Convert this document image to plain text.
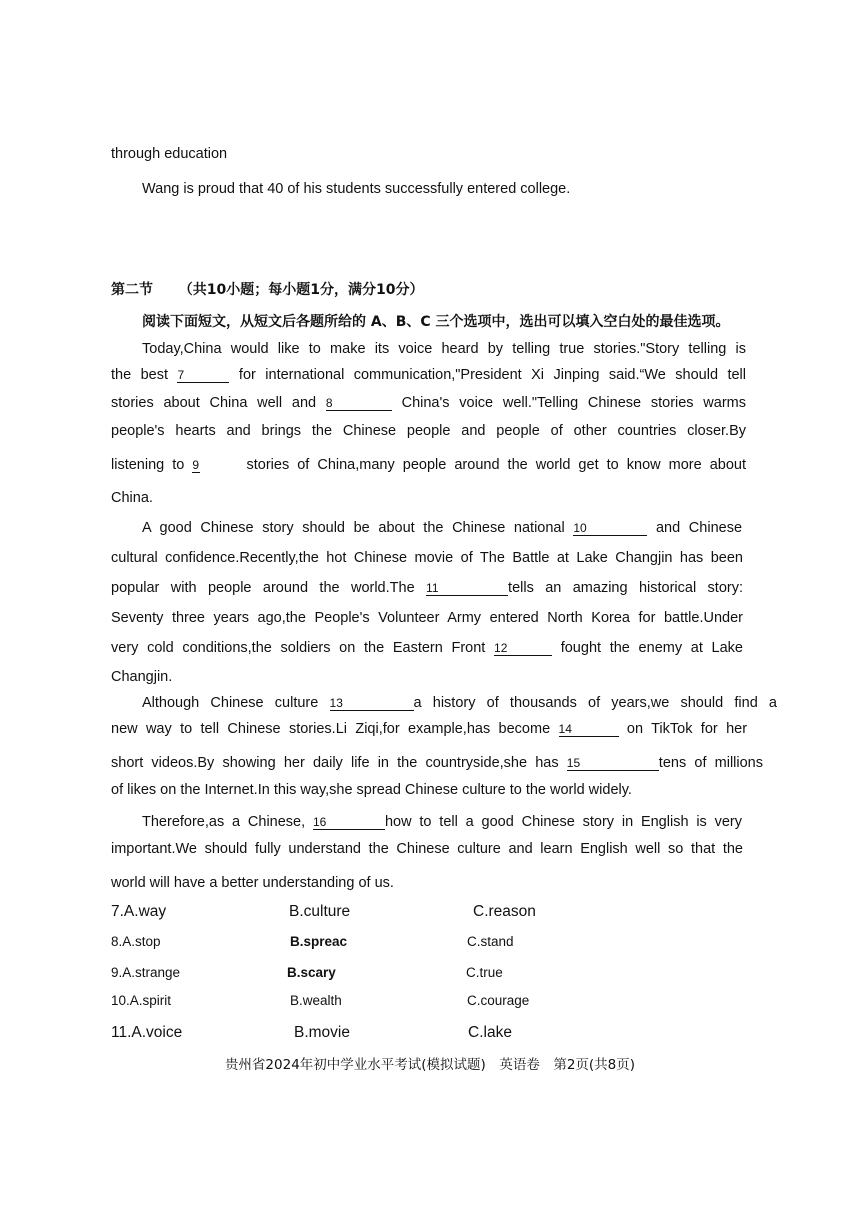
through education
Wang is proud that 40 of his students successfully entered college.
第二节 （共10小题；每小题1分，满分10分）
阅读下面短文，从短文后各题所给的 A、B、C 三个选项中，选出可以填入空白处的最佳选项。
Today,China would like to make its voice heard by telling true stories."Story telling is
the best 7	for international communication,"President Xi Jinping said.“We should tell
stories about China well and 8	China's voice well."Telling Chinese stories warms
people's hearts and brings the Chinese people and people of other countries closer.By
listening to 9	stories of China,many people around the world get to know more about
China.
A good Chinese story should be about the Chinese national 10	and Chinese
cultural confidence.Recently,the hot Chinese movie of The Battle at Lake Changjin has been
popular with people around the world.The 11	tells an amazing historical story:
Seventy three years ago,the People's Volunteer Army entered North Korea for battle.Under
very cold conditions,the soldiers on the Eastern Front 12	fought the enemy at Lake
Changjin.
Although Chinese culture 13	a history of thousands of years,we should find a
new way to tell Chinese stories.Li Ziqi,for example,has become 14	on TikTok for her
short videos.By showing her daily life in the countryside,she has 15	tens of millions
of likes on the Internet.In this way,she spread Chinese culture to the world widely.
Therefore,as a Chinese, 16	how to tell a good Chinese story in English is very
important.We should fully understand the Chinese culture and learn English well so that the
world will have a better understanding of us.
7.A.way	B.culture	C.reason
8.A.stop	B.spreac	C.stand
9.A.strange	B.scary	C.true
10.A.spirit	B.wealth	C.courage
11.A.voice	B.movie	C.lake
贵州省2024年初中学业水平考试(模拟试题)　英语卷　第2页(共8页)
